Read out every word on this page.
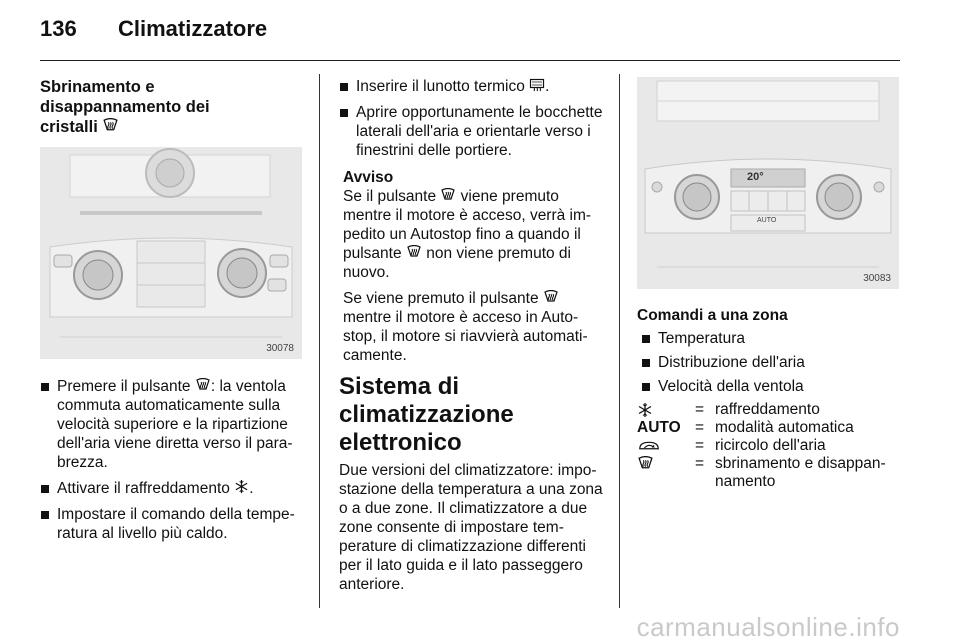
136 Climatizzatore
Sbrinamento e
disappannamento dei
cristalli
30078
Premere il pulsante : la ventola commuta automaticamente sulla velocità superiore e la ripartizione dell'aria viene diretta verso il parabrezza.
Attivare il raffreddamento .
Impostare il comando della temperatura al livello più caldo.
Inserire il lunotto termico .
Aprire opportunamente le bocchette laterali dell'aria e orientarle verso i finestrini delle portiere.
Avviso
Se il pulsante  viene premuto mentre il motore è acceso, verrà impedito un Autostop fino a quando il pulsante  non viene premuto di nuovo.
Se viene premuto il pulsante  mentre il motore è acceso in Auto-stop, il motore si riavvierà automaticamente.
Sistema di climatizzazione elettronico
Due versioni del climatizzatore: impostazione della temperatura a una zona o a due zone. Il climatizzatore a due zone consente di impostare temperature di climatizzazione differenti per il lato guida e il lato passeggero anteriore.
20°
AUTO
30083
Comandi a una zona
Temperatura
Distribuzione dell'aria
Velocità della ventola
= raffreddamento
AUTO = modalità automatica
= ricircolo dell'aria
= sbrinamento e disappannamento
carmanualsonline.info
